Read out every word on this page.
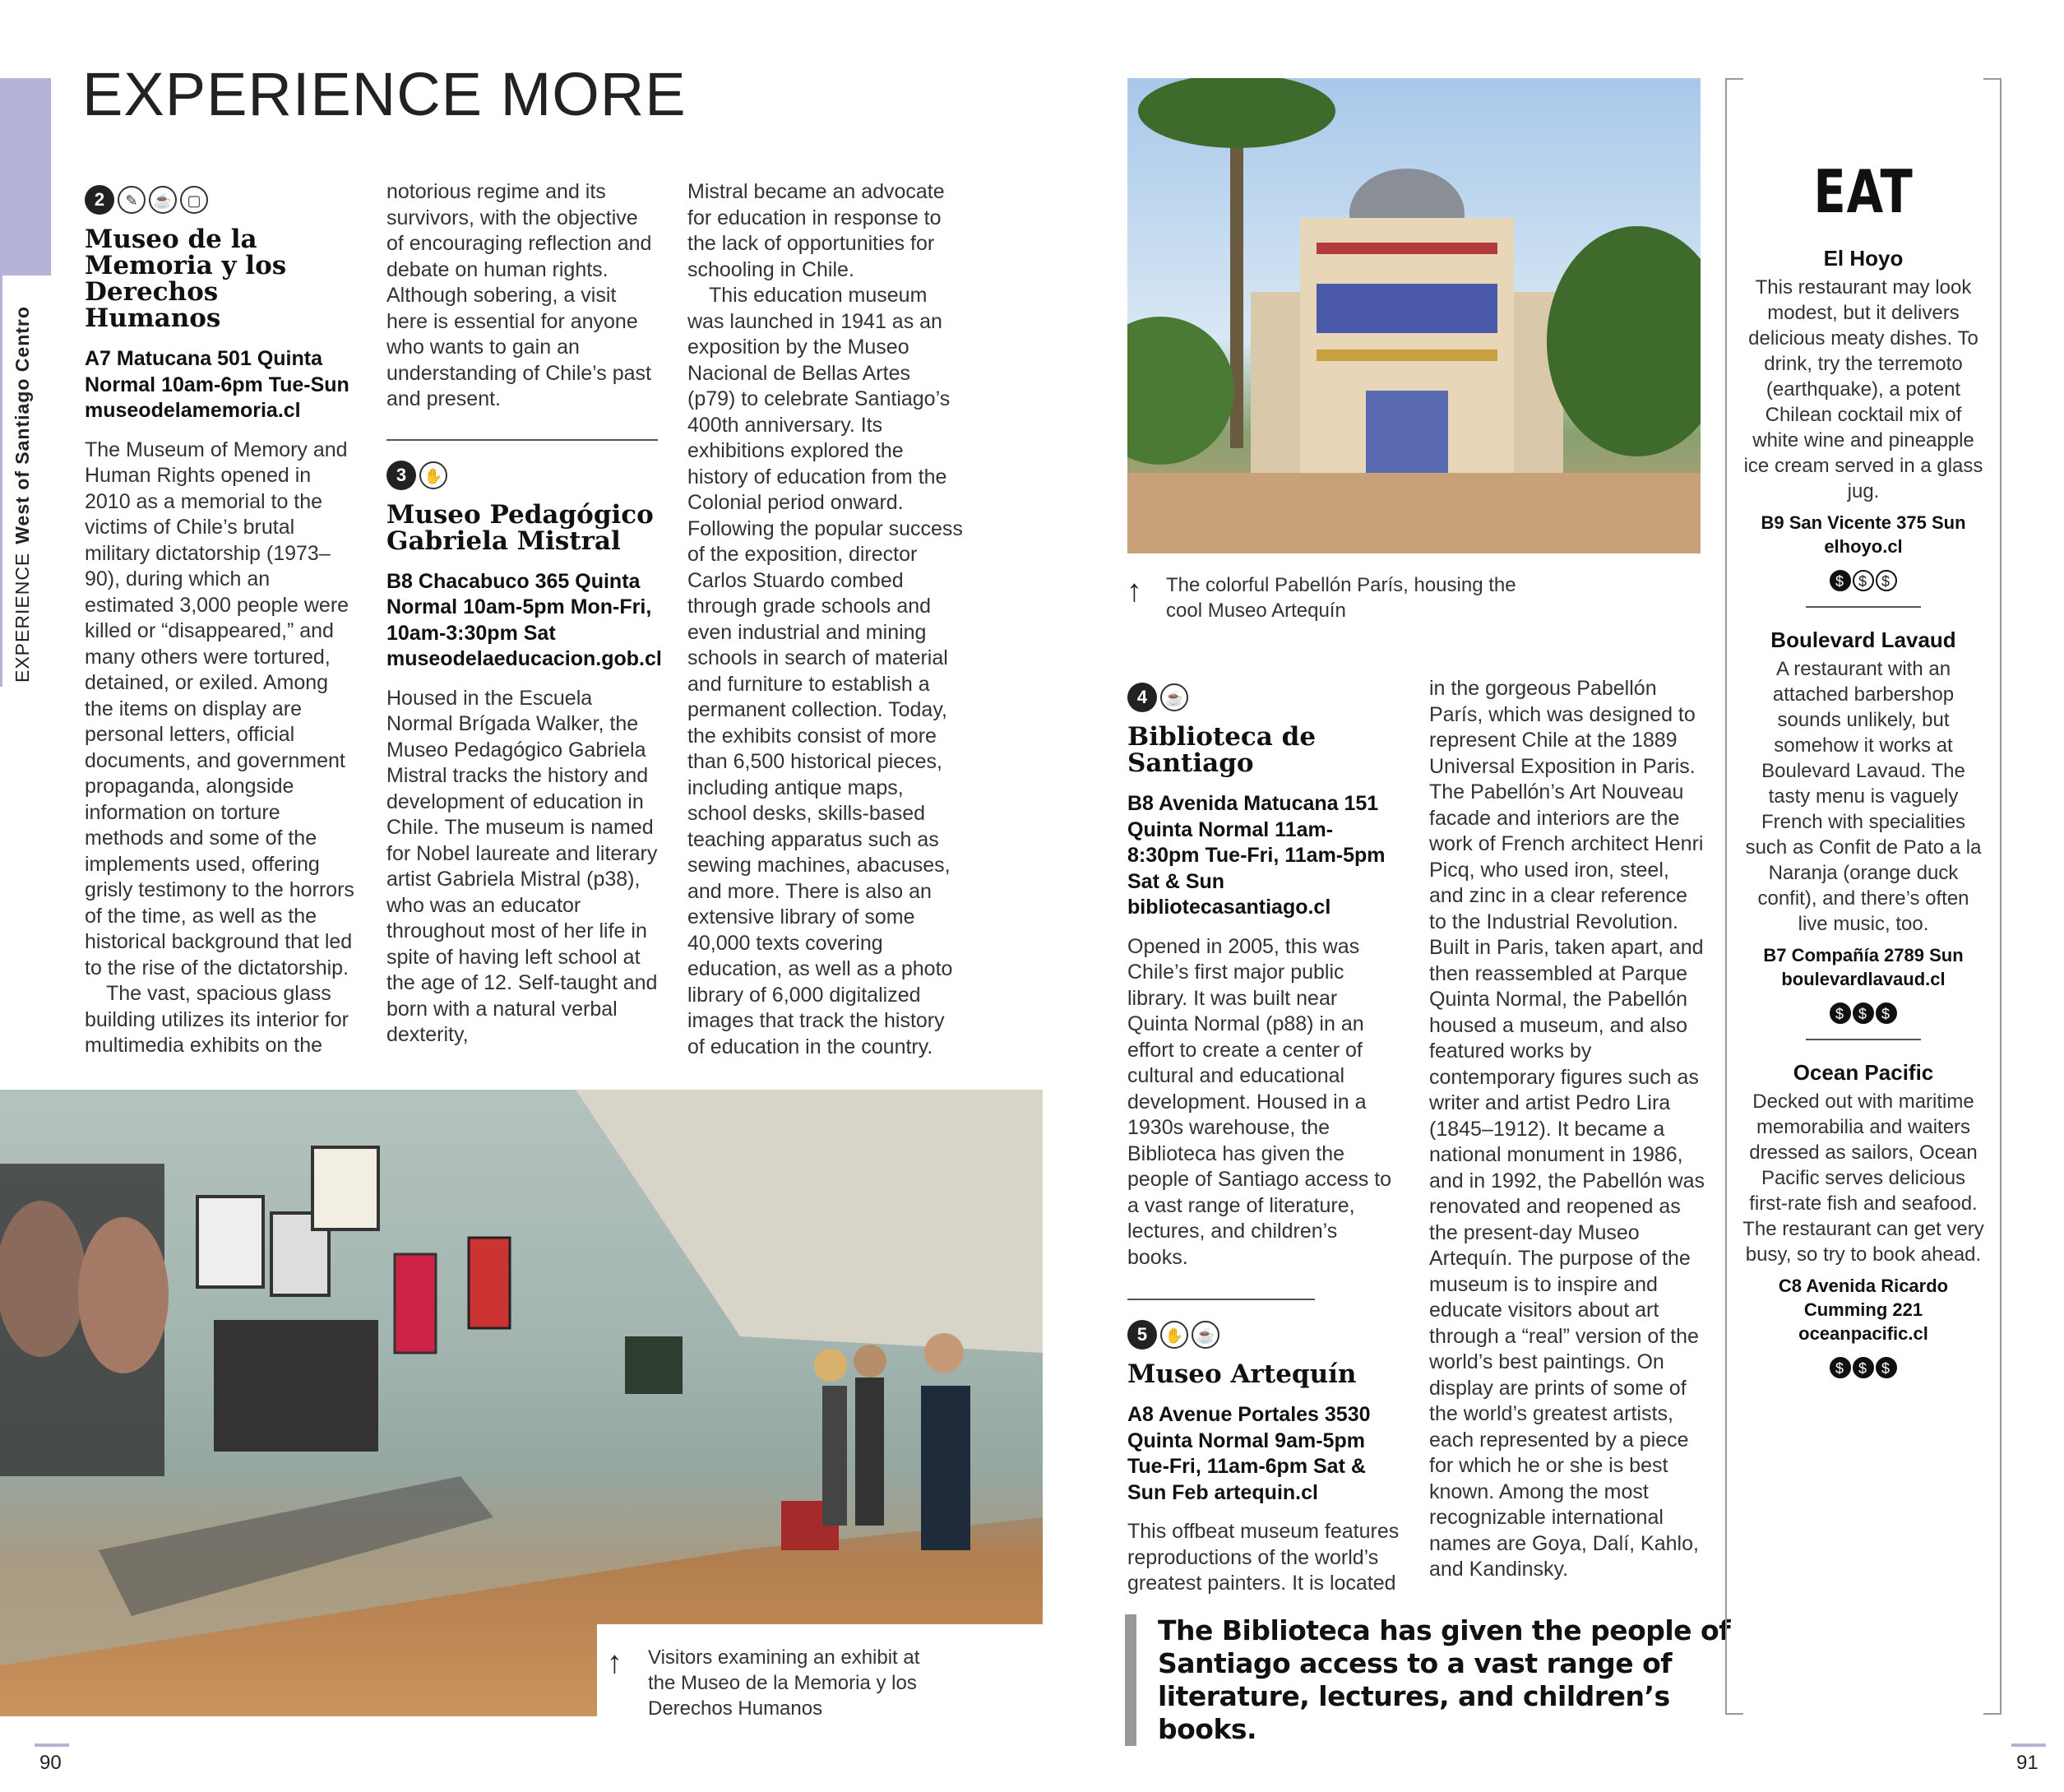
EXPERIENCEWest of Santiago Centro
EXPERIENCE MORE
2 ✎ ☕ ▢
Museo de la Memoria y los Derechos Humanos
A7 Matucana 501 Quinta Normal 10am-6pm Tue-Sun museodelamemoria.cl

The Museum of Memory and Human Rights opened in 2010 as a memorial to the victims of Chile’s brutal military dictatorship (1973–90), during which an estimated 3,000 people were killed or “disappeared,” and many others were tortured, detained, or exiled. Among the items on display are personal letters, official documents, and government propaganda, alongside information on torture methods and some of the implements used, offering grisly testimony to the horrors of the time, as well as the historical background that led to the rise of the dictatorship.

The vast, spacious glass building utilizes its interior for multimedia exhibits on the

notorious regime and its survivors, with the objective of encouraging reflection and debate on human rights. Although sobering, a visit here is essential for anyone who wants to gain an understanding of Chile’s past and present.

3 ✋
Museo Pedagógico Gabriela Mistral
B8 Chacabuco 365 Quinta Normal 10am-5pm Mon-Fri, 10am-3:30pm Sat museodelaeducacion.gob.cl

Housed in the Escuela Normal Brígada Walker, the Museo Pedagógico Gabriela Mistral tracks the history and development of education in Chile. The museum is named for Nobel laureate and literary artist Gabriela Mistral (p38), who was an educator throughout most of her life in spite of having left school at the age of 12. Self-taught and born with a natural verbal dexterity,

Mistral became an advocate for education in response to the lack of opportunities for schooling in Chile.

This education museum was launched in 1941 as an exposition by the Museo Nacional de Bellas Artes (p79) to celebrate Santiago’s 400th anniversary. Its exhibitions explored the history of education from the Colonial period onward. Following the popular success of the exposition, director Carlos Stuardo combed through grade schools and even industrial and mining schools in search of material and furniture to establish a permanent collection. Today, the exhibits consist of more than 6,500 historical pieces, including antique maps, school desks, skills-based teaching apparatus such as sewing machines, abacuses, and more. There is also an extensive library of some 40,000 texts covering education, as well as a photo library of 6,000 digitalized images that track the history of education in the country.

↑ Visitors examining an exhibit at the Museo de la Memoria y los Derechos Humanos
↑ The colorful Pabellón París, housing the cool Museo Artequín
4 ☕
Biblioteca de Santiago
B8 Avenida Matucana 151 Quinta Normal 11am-8:30pm Tue-Fri, 11am-5pm Sat & Sun bibliotecasantiago.cl

Opened in 2005, this was Chile’s first major public library. It was built near Quinta Normal (p88) in an effort to create a center of cultural and educational development. Housed in a 1930s warehouse, the Biblioteca has given the people of Santiago access to a vast range of literature, lectures, and children’s books.

5 ✋ ☕
Museo Artequín
A8 Avenue Portales 3530 Quinta Normal 9am-5pm Tue-Fri, 11am-6pm Sat & Sun Feb artequin.cl

This offbeat museum features reproductions of the world’s greatest painters. It is located

in the gorgeous Pabellón París, which was designed to represent Chile at the 1889 Universal Exposition in Paris. The Pabellón’s Art Nouveau facade and interiors are the work of French architect Henri Picq, who used iron, steel, and zinc in a clear reference to the Industrial Revolution. Built in Paris, taken apart, and then reassembled at Parque Quinta Normal, the Pabellón housed a museum, and also featured works by contemporary figures such as writer and artist Pedro Lira (1845–1912). It became a national monument in 1986, and in 1992, the Pabellón was renovated and reopened as the present-day Museo Artequín. The purpose of the museum is to inspire and educate visitors about art through a “real” version of the world’s best paintings. On display are prints of some of the world’s greatest artists, each represented by a piece for which he or she is best known. Among the most recognizable international names are Goya, Dalí, Kahlo, and Kandinsky.

The Biblioteca has given the people of Santiago access to a vast range of literature, lectures, and children’s books.
EAT
El Hoyo

This restaurant may look modest, but it delivers delicious meaty dishes. To drink, try the terremoto (earthquake), a potent Chilean cocktail mix of white wine and pineapple ice cream served in a glass jug.

B9 San Vicente 375 Sun elhoyo.cl
$ $ $
Boulevard Lavaud

A restaurant with an attached barbershop sounds unlikely, but somehow it works at Boulevard Lavaud. The tasty menu is vaguely French with specialities such as Confit de Pato a la Naranja (orange duck confit), and there’s often live music, too.

B7 Compañía 2789 Sun boulevardlavaud.cl
$ $ $
Ocean Pacific

Decked out with maritime memorabilia and waiters dressed as sailors, Ocean Pacific serves delicious first-rate fish and seafood. The restaurant can get very busy, so try to book ahead.

C8 Avenida Ricardo Cumming 221 oceanpacific.cl
$ $ $
90	91
